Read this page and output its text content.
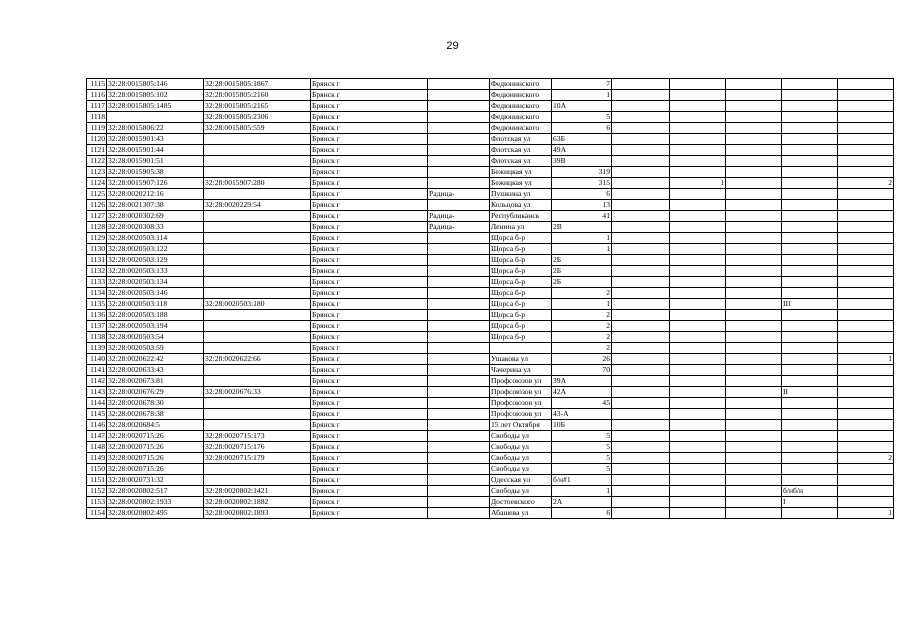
29
1115	32:28:0015805:146	32:28:0015805:1867	Брянск г		Федюнинского	7					
1116	32:28:0015805:102	32:28:0015805:2160	Брянск г		Федюнинского	1					
1117	32:28:0015805:1485	32:28:0015805:2165	Брянск г		Федюнинского	10А					
1118		32:28:0015805:2306	Брянск г		Федюнинского	5					
1119	32:28:0015806:22	32:28:0015805:559	Брянск г		Федюнинского	6					
1120	32:28:0015901:43		Брянск г		Флотская ул	63Б					
1121	32:28:0015901:44		Брянск г		Флотская ул	49А					
1122	32:28:0015901:51		Брянск г		Флотская ул	39В					
1123	32:28:0015905:38		Брянск г		Бежицкая ул	319					
1124	32:28:0015907:126	32:28:0015907:280	Брянск г		Бежицкая ул	315		1			2
1125	32:28:0020212:16		Брянск г	Радица-	Пушкина ул	6					
1126	32:28:0021307:38	32:28:0020229:54	Брянск г		Кольцова ул	13					
1127	32:28:0020302:69		Брянск г	Радица-	Республиканск	41					
1128	32:28:0020308:33		Брянск г	Радица-	Ленина ул	2В					
1129	32:28:0020503:114		Брянск г		Щорса б-р	1					
1130	32:28:0020503:122		Брянск г		Щорса б-р	1					
1131	32:28:0020503:129		Брянск г		Щорса б-р	2Б					
1132	32:28:0020503:133		Брянск г		Щорса б-р	2Б					
1133	32:28:0020503:134		Брянск г		Щорса б-р	2Б					
1134	32:28:0020503:146		Брянск г		Щорса б-р	2					
1135	32:28:0020503:118	32:28:0020503:180	Брянск г		Щорса б-р	1				III	
1136	32:28:0020503:188		Брянск г		Щорса б-р	2					
1137	32:28:0020503:194		Брянск г		Щорса б-р	2					
1138	32:28:0020503:54		Брянск г		Щорса б-р	2					
1139	32:28:0020503:59		Брянск г			2					
1140	32:28:0020622:42	32:28:0020622:66	Брянск г		Ушакова ул	26					1
1141	32:28:0020633:43		Брянск г		Чачерина ул	70					
1142	32:28:0020673:81		Брянск г		Профсоюзов ул	39А					
1143	32:28:0020676:29	32:28:0020676:33	Брянск г		Профсоюзов ул	42А				II	
1144	32:28:0020678:30		Брянск г		Профсоюзов ул	45					
1145	32:28:0020678:38		Брянск г		Профсоюзов ул	43-А					
1146	32:28:0020684:5		Брянск г		15 лет Октября	10Б					
1147	32:28:0020715:26	32:28:0020715:173	Брянск г		Свободы ул	5					
1148	32:28:0020715:26	32:28:0020715:176	Брянск г		Свободы ул	5					
1149	32:28:0020715:26	32:28:0020715:179	Брянск г		Свободы ул	5					2
1150	32:28:0020715:26		Брянск г		Свободы ул	5					
1151	32:28:0020731:32		Брянск г		Одесская ул	б/н#1					
1152	32:28:0020802:517	32:28:0020802:1421	Брянск г		Свободы ул	1				б/нб/н	
1153	32:28:0020802:1933	32:28:0020802:1882	Брянск г		Достоевского	2А				I	
1154	32:28:0020802:495	32:28:0020802:1893	Брянск г		Абашева ул	6					1
